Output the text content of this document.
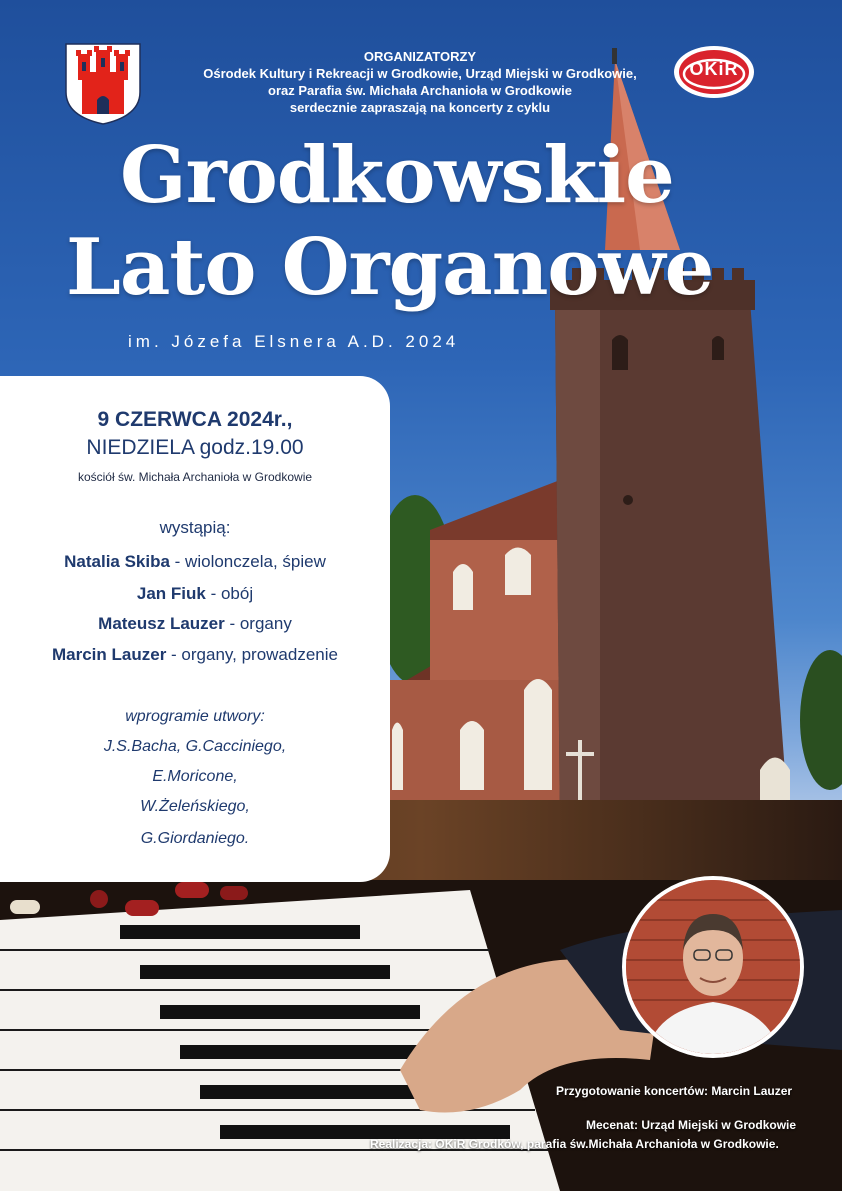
ORGANIZATORZY
Ośrodek Kultury i Rekreacji w Grodkowie, Urząd Miejski w Grodkowie,
oraz Parafia św. Michała Archanioła w Grodkowie
serdecznie zapraszają na koncerty z cyklu
OKiR
Grodkowskie
Lato Organowe
im. Józefa Elsnera A.D. 2024
9 CZERWCA 2024r.,
NIEDZIELA godz.19.00
kościół św. Michała Archanioła w Grodkowie
wystąpią:
Natalia Skiba - wiolonczela, śpiew
Jan Fiuk - obój
Mateusz Lauzer - organy
Marcin Lauzer - organy, prowadzenie
wprogramie utwory:
J.S.Bacha, G.Cacciniego,
E.Moricone,
W.Żeleńskiego,
G.Giordaniego.
Przygotowanie koncertów: Marcin Lauzer
Mecenat: Urząd Miejski w Grodkowie
Realizacja: OKiR Grodków, parafia św.Michała Archanioła w Grodkowie.
